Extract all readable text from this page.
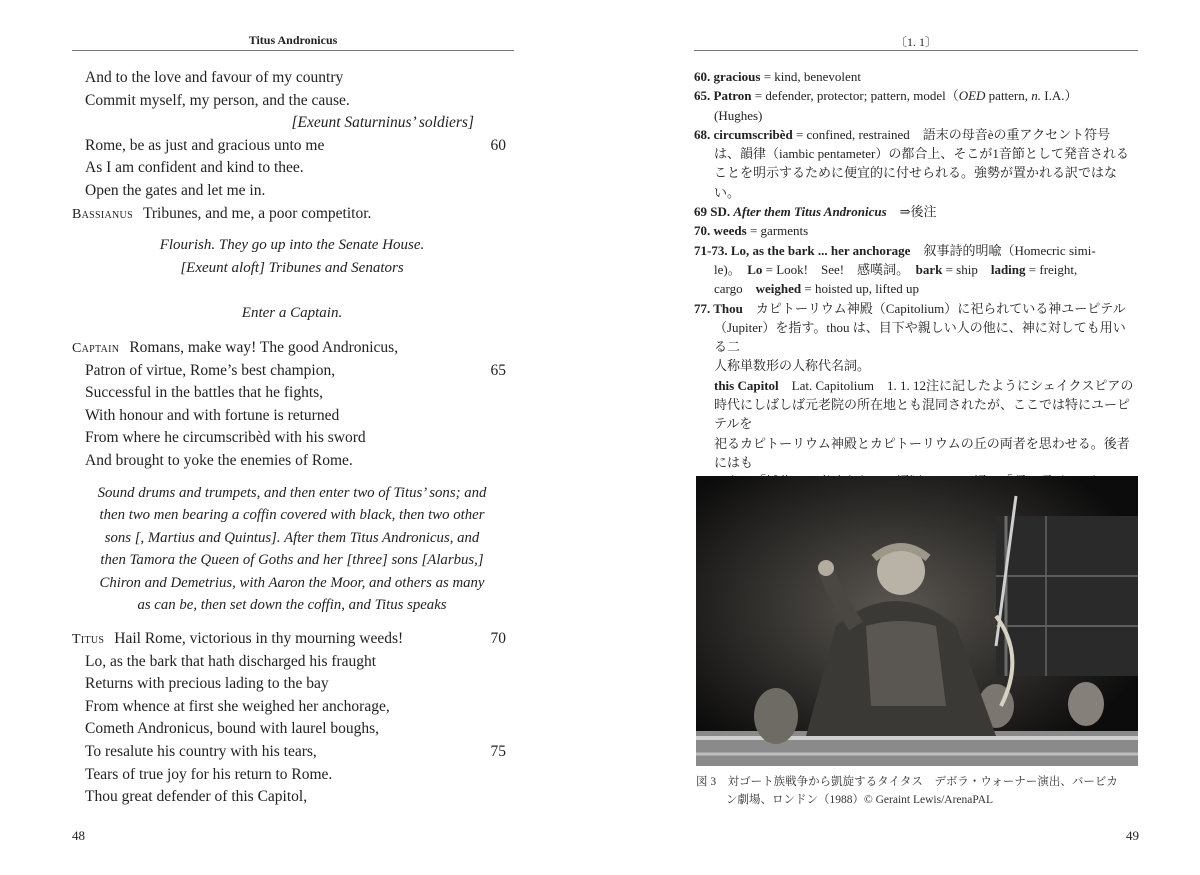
Titus Andronicus
And to the love and favour of my country
Commit myself, my person, and the cause.
[Exeunt Saturninus’ soldiers]
Rome, be as just and gracious unto me	60
As I am confident and kind to thee.
Open the gates and let me in.
Bassianus Tribunes, and me, a poor competitor.
Flourish. They go up into the Senate House.
[Exeunt aloft] Tribunes and Senators
Enter a Captain.
Captain Romans, make way! The good Andronicus,
Patron of virtue, Rome’s best champion,	65
Successful in the battles that he fights,
With honour and with fortune is returned
From where he circumscribèd with his sword
And brought to yoke the enemies of Rome.
Sound drums and trumpets, and then enter two of Titus’ sons; and
then two men bearing a coffin covered with black, then two other
sons [, Martius and Quintus]. After them Titus Andronicus, and
then Tamora the Queen of Goths and her [three] sons [Alarbus,]
Chiron and Demetrius, with Aaron the Moor, and others as many
as can be, then set down the coffin, and Titus speaks
Titus Hail Rome, victorious in thy mourning weeds!	70
Lo, as the bark that hath discharged his fraught
Returns with precious lading to the bay
From whence at first she weighed her anchorage,
Cometh Andronicus, bound with laurel boughs,
To resalute his country with his tears,	75
Tears of true joy for his return to Rome.
Thou great defender of this Capitol,
48
〔1. 1〕
60. gracious = kind, benevolent
65. Patron = defender, protector; pattern, model（OED pattern, n. I.A.）
(Hughes)
68. circumscribèd = confined, restrained　語末の母音èの重アクセント符号
は、韻律（iambic pentameter）の都合上、そこが1音節として発音される
ことを明示するために便宜的に付せられる。強勢が置かれる訳ではない。
69 SD. After them Titus Andronicus　⇒後注
70. weeds = garments
71-73. Lo, as the bark ... her anchorage　叙事詩的明喩（Homecric simi-
le)。　Lo = Look!　See!　感嘆詞。　bark = ship　lading = freight,
cargo　weighed = hoisted up, lifted up
77. Thou　カピトーリウム神殿（Capitolium）に祀られている神ユーピテル
（Jupiter）を指す。thou は、目下や親しい人の他に、神に対しても用いる二
人称単数形の人称代名詞。
this Capitol　Lat. Capitolium　1. 1. 12注に記したようにシェイクスピアの
時代にしばしば元老院の所在地とも混同されたが、ここでは特にユーピテルを
祀るカピトーリウム神殿とカピトーリウムの丘の両者を思わせる。後者にはも
図 3　対ゴート族戦争から凱旋するタイタス　デボラ・ウォーナー演出、バービカ
ン劇場、ロンドン（1988）© Geraint Lewis/ArenaPAL
49
